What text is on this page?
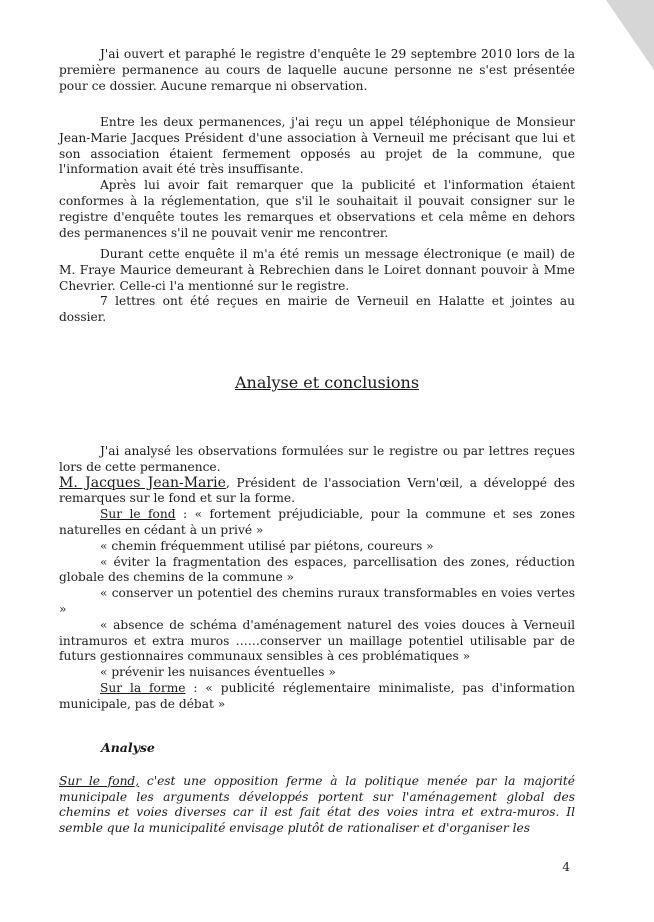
J'ai ouvert et paraphé le registre d'enquête le 29 septembre 2010 lors de la première permanence au cours de laquelle aucune personne ne s'est présentée pour ce dossier. Aucune remarque ni observation.

Entre les deux permanences, j'ai reçu un appel téléphonique de Monsieur Jean-Marie Jacques Président d'une association à Verneuil me précisant que lui et son association étaient fermement opposés au projet de la commune, que l'information avait été très insuffisante.

Après lui avoir fait remarquer que la publicité et l'information étaient conformes à la réglementation, que s'il le souhaitait il pouvait consigner sur le registre d'enquête toutes les remarques et observations et cela même en dehors des permanences s'il ne pouvait venir me rencontrer.

Durant cette enquête il m'a été remis un message électronique (e mail) de M. Fraye Maurice demeurant à Rebrechien dans le Loiret donnant pouvoir à Mme Chevrier. Celle-ci l'a mentionné sur le registre.

7 lettres ont été reçues en mairie de Verneuil en Halatte et jointes au dossier.

Analyse et conclusions

J'ai analysé les observations formulées sur le registre ou par lettres reçues lors de cette permanence.

M. Jacques Jean-Marie, Président de l'association Vern'œil, a développé des remarques sur le fond et sur la forme.

Sur le fond : « fortement préjudiciable, pour la commune et ses zones naturelles en cédant à un privé »

« chemin fréquemment utilisé par piétons, coureurs »

« éviter la fragmentation des espaces, parcellisation des zones, réduction globale des chemins de la commune »

« conserver un potentiel des chemins ruraux transformables en voies vertes »

« absence de schéma d'aménagement naturel des voies douces à Verneuil intramuros et extra muros ……conserver un maillage potentiel utilisable par de futurs gestionnaires communaux sensibles à ces problématiques »

« prévenir les nuisances éventuelles »

Sur la forme : « publicité réglementaire minimaliste, pas d'information municipale, pas de débat »

Analyse

Sur le fond, c'est une opposition ferme à la politique menée par la majorité municipale les arguments développés portent sur l'aménagement global des chemins et voies diverses car il est fait état des voies intra et extra-muros. Il semble que la municipalité envisage plutôt de rationaliser et d'organiser les

4
